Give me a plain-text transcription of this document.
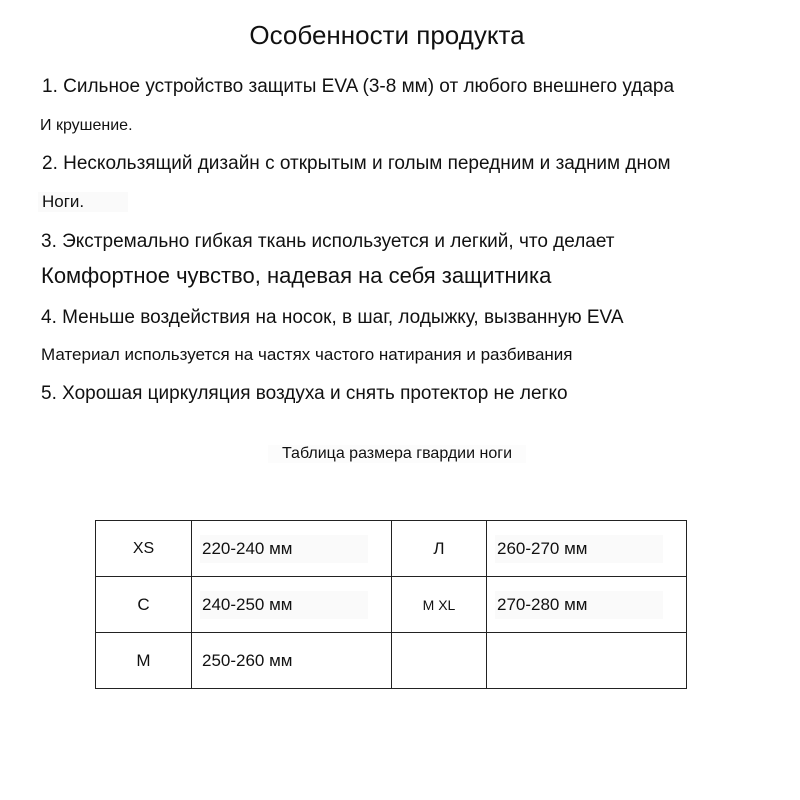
Особенности продукта
1. Сильное устройство защиты EVA (3-8 мм) от любого внешнего удара
И крушение.
2. Нескользящий дизайн с открытым и голым передним и задним дном
Ноги.
3. Экстремально гибкая ткань используется и легкий, что делает
Комфортное чувство, надевая на себя защитника
4. Меньше воздействия на носок, в шаг, лодыжку, вызванную EVA
Материал используется на частях частого натирания и разбивания
5. Хорошая циркуляция воздуха и снять протектор не легко
Таблица размера гвардии ноги
XS	220-240 мм	Л	260-270 мм
С	240-250 мм	M XL	270-280 мм
M	250-260 мм		
